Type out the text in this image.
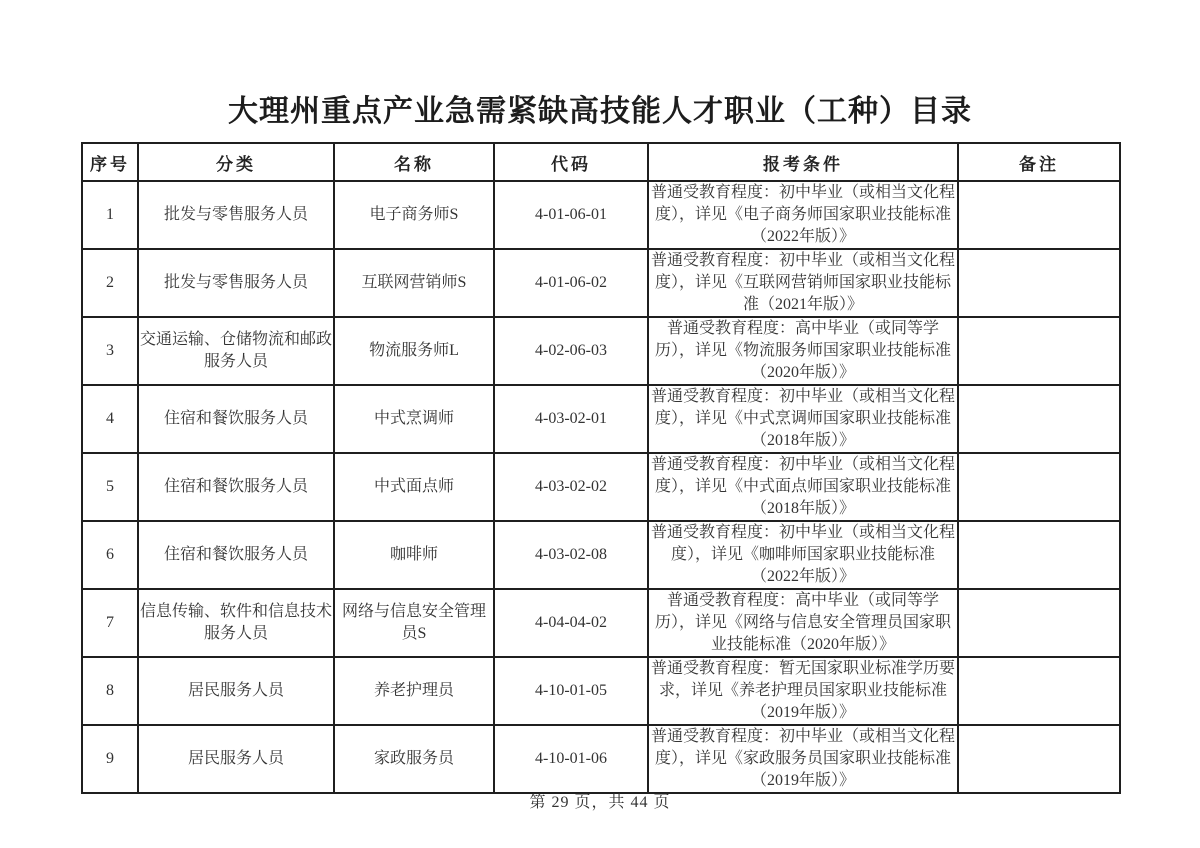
大理州重点产业急需紧缺高技能人才职业（工种）目录
序号	分类	名称	代码	报考条件	备注
1	批发与零售服务人员	电子商务师S	4-01-06-01	普通受教育程度：初中毕业（或相当文化程度），详见《电子商务师国家职业技能标准（2022年版）》	
2	批发与零售服务人员	互联网营销师S	4-01-06-02	普通受教育程度：初中毕业（或相当文化程度），详见《互联网营销师国家职业技能标准（2021年版）》	
3	交通运输、仓储物流和邮政服务人员	物流服务师L	4-02-06-03	普通受教育程度：高中毕业（或同等学历），详见《物流服务师国家职业技能标准（2020年版）》	
4	住宿和餐饮服务人员	中式烹调师	4-03-02-01	普通受教育程度：初中毕业（或相当文化程度），详见《中式烹调师国家职业技能标准（2018年版）》	
5	住宿和餐饮服务人员	中式面点师	4-03-02-02	普通受教育程度：初中毕业（或相当文化程度），详见《中式面点师国家职业技能标准（2018年版）》	
6	住宿和餐饮服务人员	咖啡师	4-03-02-08	普通受教育程度：初中毕业（或相当文化程度），详见《咖啡师国家职业技能标准（2022年版）》	
7	信息传输、软件和信息技术服务人员	网络与信息安全管理员S	4-04-04-02	普通受教育程度：高中毕业（或同等学历），详见《网络与信息安全管理员国家职业技能标准（2020年版）》	
8	居民服务人员	养老护理员	4-10-01-05	普通受教育程度：暂无国家职业标准学历要求，详见《养老护理员国家职业技能标准（2019年版）》	
9	居民服务人员	家政服务员	4-10-01-06	普通受教育程度：初中毕业（或相当文化程度），详见《家政服务员国家职业技能标准（2019年版）》	
第 29 页，共 44 页
